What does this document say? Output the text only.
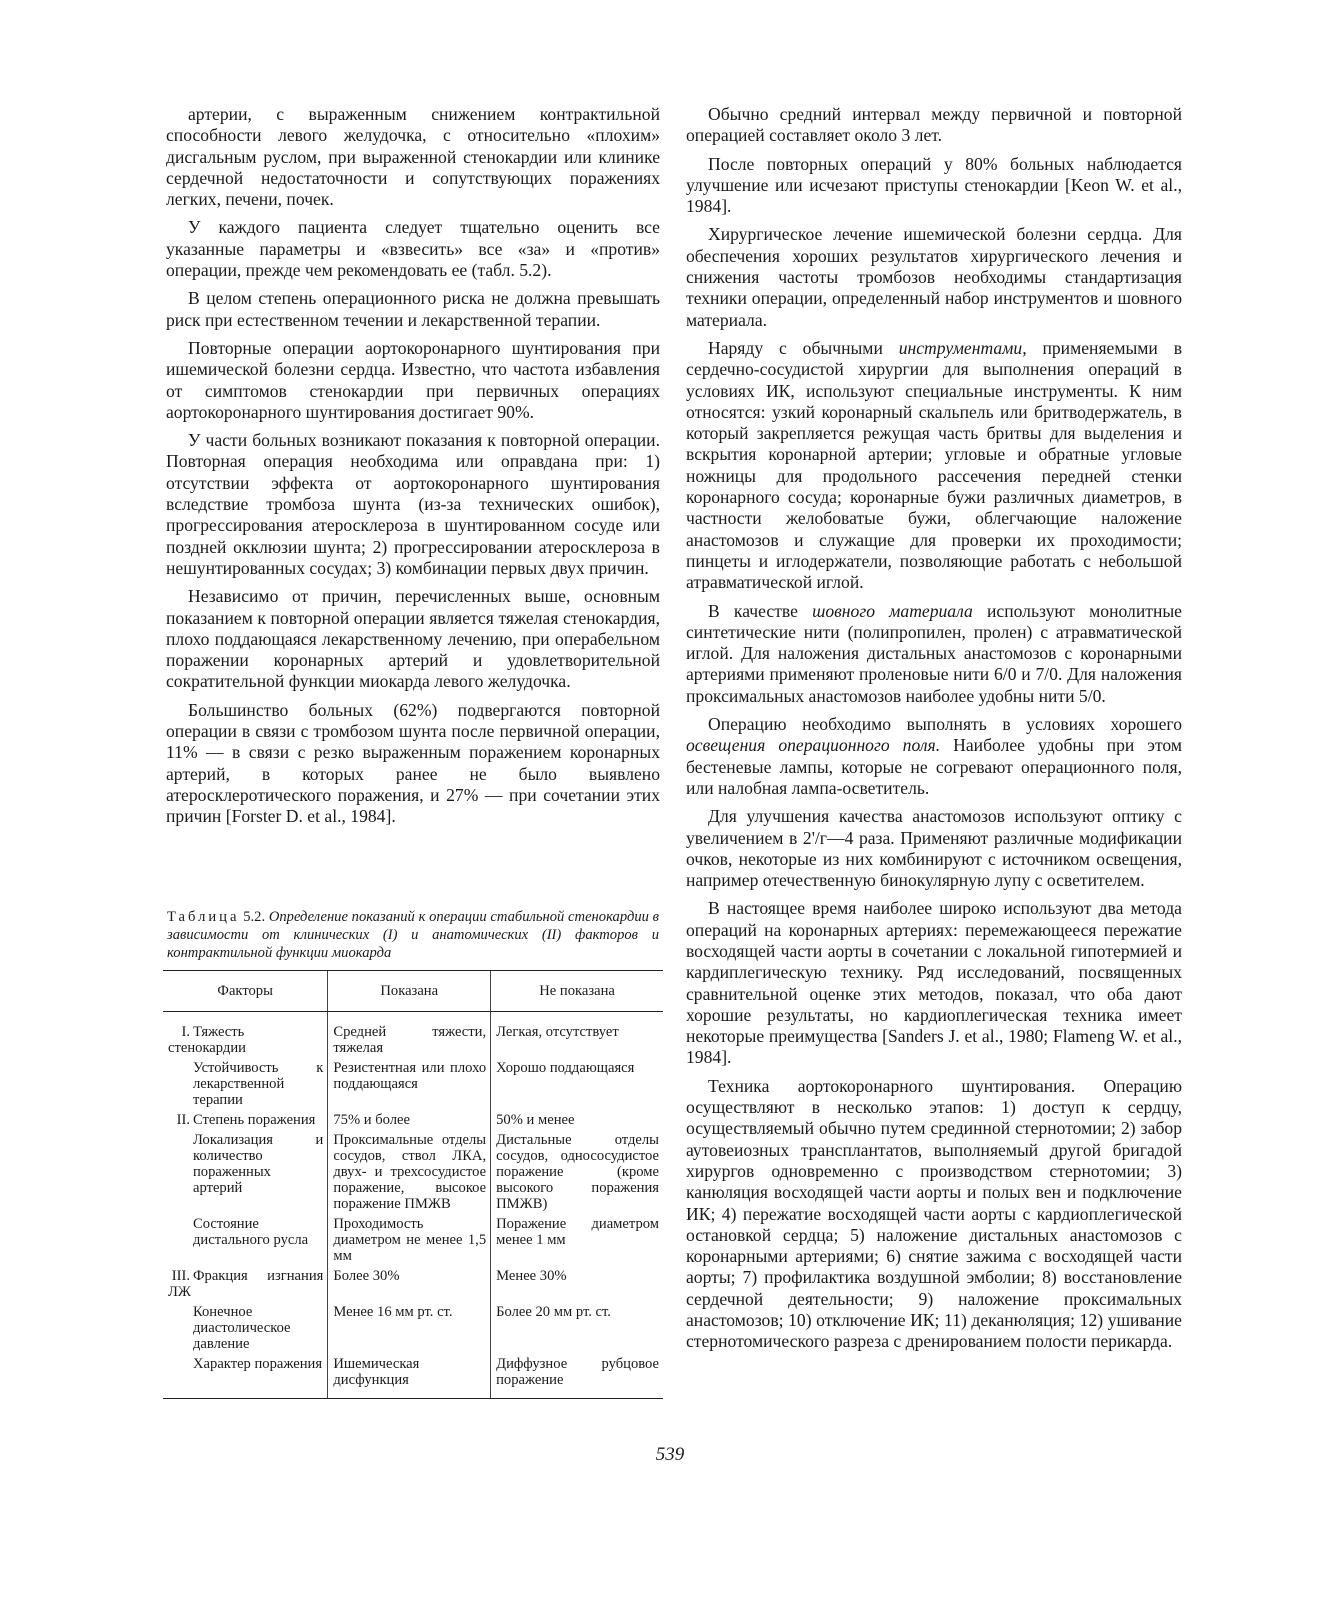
артерии, с выраженным снижением контрактильной способности левого желудочка, с относительно «плохим» дисгальным руслом, при выраженной стенокардии или клинике сердечной недостаточности и сопутствующих поражениях легких, печени, почек.

У каждого пациента следует тщательно оценить все указанные параметры и «взвесить» все «за» и «против» операции, прежде чем рекомендовать ее (табл. 5.2).

В целом степень операционного риска не должна превышать риск при естественном течении и лекарственной терапии.

Повторные операции аортокоронарного шунтирования при ишемической болезни сердца. Известно, что частота избавления от симптомов стенокардии при первичных операциях аортокоронарного шунтирования достигает 90%.

У части больных возникают показания к повторной операции. Повторная операция необходима или оправдана при: 1) отсутствии эффекта от аортокоронарного шунтирования вследствие тромбоза шунта (из-за технических ошибок), прогрессирования атеросклероза в шунтированном сосуде или поздней окклюзии шунта; 2) прогрессировании атеросклероза в нешунтированных сосудах; 3) комбинации первых двух причин.

Независимо от причин, перечисленных выше, основным показанием к повторной операции является тяжелая стенокардия, плохо поддающаяся лекарственному лечению, при операбельном поражении коронарных артерий и удовлетворительной сократительной функции миокарда левого желудочка.

Большинство больных (62%) подвергаются повторной операции в связи с тромбозом шунта после первичной операции, 11% — в связи с резко выраженным поражением коронарных артерий, в которых ранее не было выявлено атеросклеротического поражения, и 27% — при сочетании этих причин [Forster D. et al., 1984].

Таблица 5.2. Определение показаний к операции стабильной стенокардии в зависимости от клинических (I) и анатомических (II) факторов и контрактильной функции миокарда
Факторы	Показана	Не показана
I. Тяжесть стенокардии	Средней тяжести, тяжелая	Легкая, отсутствует

Устойчивость к лекарственной терапии	Резистентная или плохо поддающаяся	Хорошо поддающаяся
II. Степень поражения	75% и более	50% и менее

Локализация и количество пораженных артерий	Проксимальные отделы сосудов, ствол ЛКА, двух- и трехсосудистое поражение, высокое поражение ПМЖВ	Дистальные отделы сосудов, однососудистое поражение (кроме высокого поражения ПМЖВ)

Состояние дистального русла	Проходимость диаметром не менее 1,5 мм	Поражение диаметром менее 1 мм
III. Фракция изгнания ЛЖ	Более 30%	Менее 30%

Конечное диастолическое давление	Менее 16 мм рт. ст.	Более 20 мм рт. ст.

Характер поражения	Ишемическая дисфункция	Диффузное рубцовое поражение

Обычно средний интервал между первичной и повторной операцией составляет около 3 лет.

После повторных операций у 80% больных наблюдается улучшение или исчезают приступы стенокардии [Keon W. et al., 1984].

Хирургическое лечение ишемической болезни сердца. Для обеспечения хороших результатов хирургического лечения и снижения частоты тромбозов необходимы стандартизация техники операции, определенный набор инструментов и шовного материала.

Наряду с обычными инструментами, применяемыми в сердечно-сосудистой хирургии для выполнения операций в условиях ИК, используют специальные инструменты. К ним относятся: узкий коронарный скальпель или бритводержатель, в который закрепляется режущая часть бритвы для выделения и вскрытия коронарной артерии; угловые и обратные угловые ножницы для продольного рассечения передней стенки коронарного сосуда; коронарные бужи различных диаметров, в частности желобоватые бужи, облегчающие наложение анастомозов и служащие для проверки их проходимости; пинцеты и иглодержатели, позволяющие работать с небольшой атравматической иглой.

В качестве шовного материала используют монолитные синтетические нити (полипропилен, пролен) с атравматической иглой. Для наложения дистальных анастомозов с коронарными артериями применяют проленовые нити 6/0 и 7/0. Для наложения проксимальных анастомозов наиболее удобны нити 5/0.

Операцию необходимо выполнять в условиях хорошего освещения операционного поля. Наиболее удобны при этом бестеневые лампы, которые не согревают операционного поля, или налобная лампа-осветитель.

Для улучшения качества анастомозов используют оптику с увеличением в 2'/г—4 раза. Применяют различные модификации очков, некоторые из них комбинируют с источником освещения, например отечественную бинокулярную лупу с осветителем.

В настоящее время наиболее широко используют два метода операций на коронарных артериях: перемежающееся пережатие восходящей части аорты в сочетании с локальной гипотермией и кардиплегическую технику. Ряд исследований, посвященных сравнительной оценке этих методов, показал, что оба дают хорошие результаты, но кардиоплегическая техника имеет некоторые преимущества [Sanders J. et al., 1980; Flameng W. et al., 1984].

Техника аортокоронарного шунтирования. Операцию осуществляют в несколько этапов: 1) доступ к сердцу, осуществляемый обычно путем срединной стернотомии; 2) забор аутовеиозных трансплантатов, выполняемый другой бригадой хирургов одновременно с производством стернотомии; 3) канюляция восходящей части аорты и полых вен и подключение ИК; 4) пережатие восходящей части аорты с кардиоплегической остановкой сердца; 5) наложение дистальных анастомозов с коронарными артериями; 6) снятие зажима с восходящей части аорты; 7) профилактика воздушной эмболии; 8) восстановление сердечной деятельности; 9) наложение проксимальных анастомозов; 10) отключение ИК; 11) деканюляция; 12) ушивание стернотомического разреза с дренированием полости перикарда.

539
